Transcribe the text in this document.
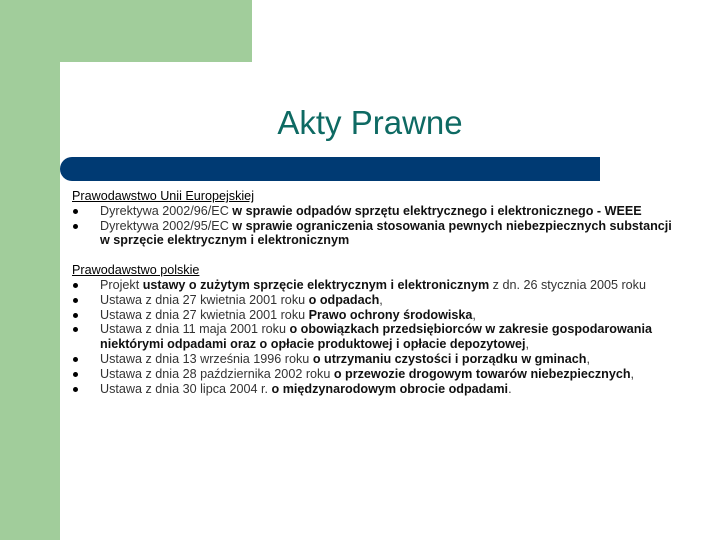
Akty Prawne
Prawodawstwo Unii Europejskiej
Dyrektywa 2002/96/EC w sprawie odpadów sprzętu elektrycznego i elektronicznego - WEEE
Dyrektywa 2002/95/EC w sprawie ograniczenia stosowania pewnych niebezpiecznych substancji w sprzęcie elektrycznym i elektronicznym
Prawodawstwo polskie
Projekt ustawy o zużytym sprzęcie elektrycznym i elektronicznym z dn. 26 stycznia 2005 roku
Ustawa z dnia 27 kwietnia 2001 roku o odpadach,
Ustawa z dnia 27 kwietnia 2001 roku Prawo ochrony środowiska,
Ustawa z dnia 11 maja 2001 roku o obowiązkach przedsiębiorców w zakresie gospodarowania niektórymi odpadami oraz o opłacie produktowej i opłacie depozytowej,
Ustawa z dnia 13 września 1996 roku o utrzymaniu czystości i porządku w gminach,
Ustawa z dnia 28 października 2002 roku o przewozie drogowym towarów niebezpiecznych,
Ustawa z dnia 30 lipca 2004 r. o międzynarodowym obrocie odpadami.
